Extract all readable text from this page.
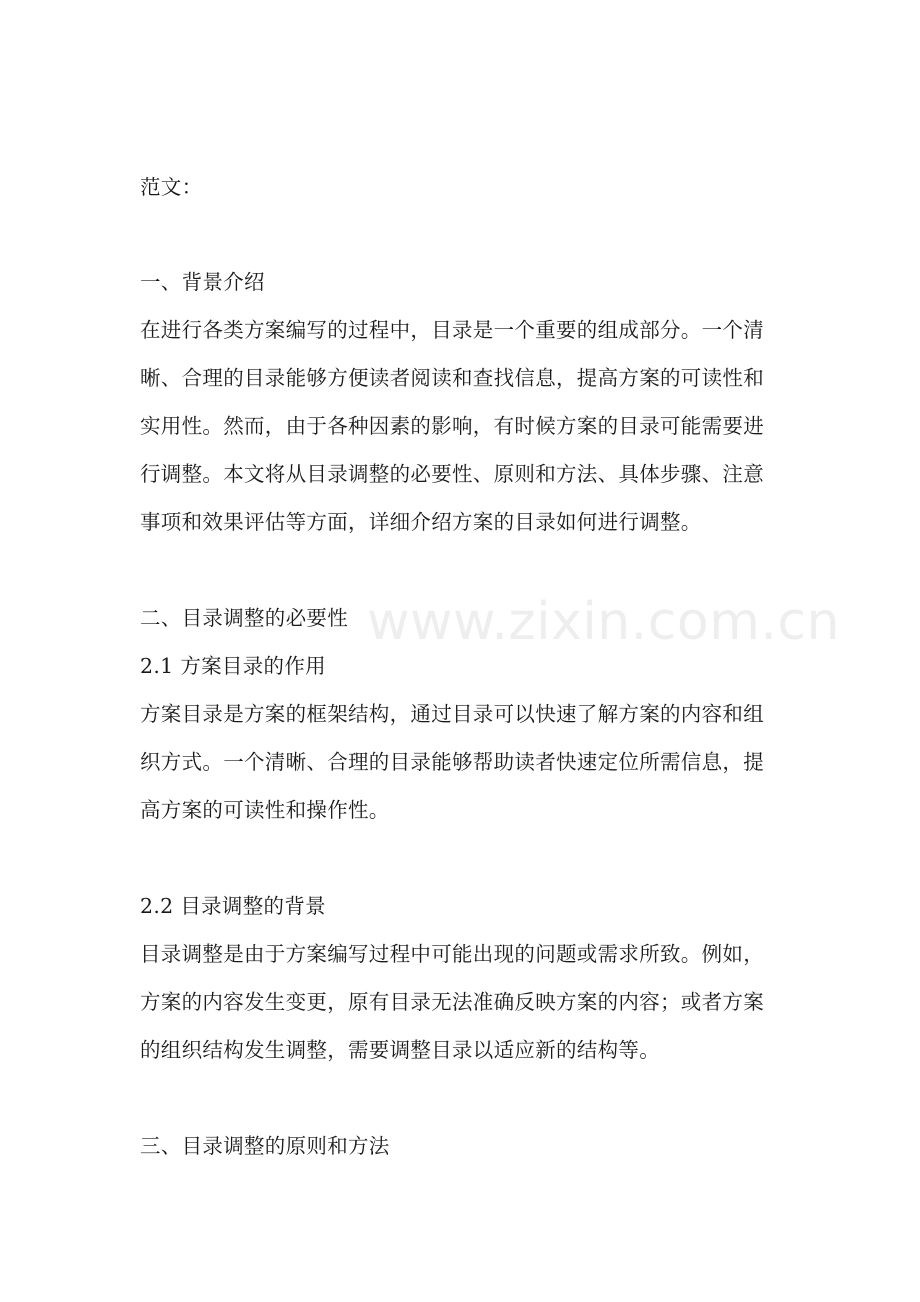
范文：

一、背景介绍

在进行各类方案编写的过程中，目录是一个重要的组成部分。一个清

晰、合理的目录能够方便读者阅读和查找信息，提高方案的可读性和

实用性。然而，由于各种因素的影响，有时候方案的目录可能需要进

行调整。本文将从目录调整的必要性、原则和方法、具体步骤、注意

事项和效果评估等方面，详细介绍方案的目录如何进行调整。

二、目录调整的必要性

2.1 方案目录的作用

方案目录是方案的框架结构，通过目录可以快速了解方案的内容和组

织方式。一个清晰、合理的目录能够帮助读者快速定位所需信息，提

高方案的可读性和操作性。

2.2 目录调整的背景

目录调整是由于方案编写过程中可能出现的问题或需求所致。例如，

方案的内容发生变更，原有目录无法准确反映方案的内容；或者方案

的组织结构发生调整，需要调整目录以适应新的结构等。

三、目录调整的原则和方法

www.zixin.com.cn
